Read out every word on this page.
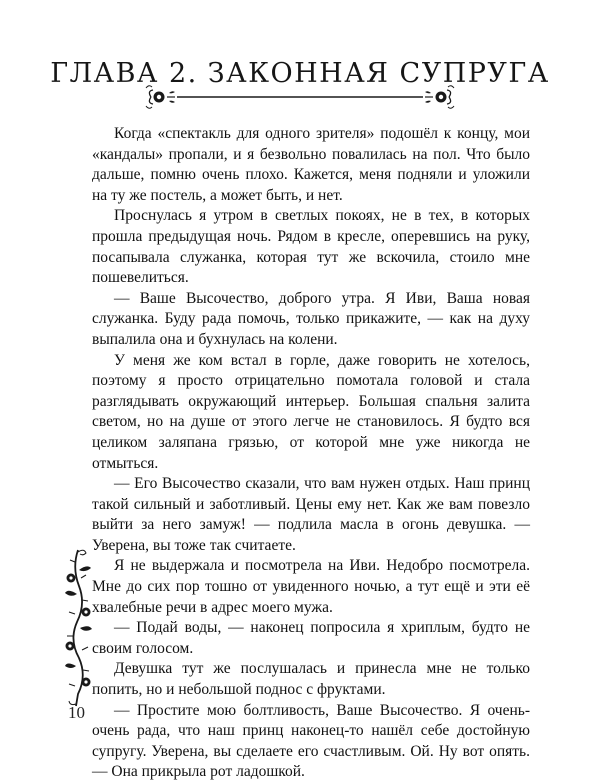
ГЛАВА 2. ЗАКОННАЯ СУПРУГА

Когда «спектакль для одного зрителя» подошёл к концу, мои «кандалы» пропали, и я безвольно повалилась на пол. Что было дальше, помню очень плохо. Кажется, меня подняли и уложили на ту же постель, а может быть, и нет.

Проснулась я утром в светлых покоях, не в тех, в которых прошла предыдущая ночь. Рядом в кресле, оперевшись на руку, посапывала служанка, которая тут же вскочила, стоило мне пошевелиться.

— Ваше Высочество, доброго утра. Я Иви, Ваша новая служанка. Буду рада помочь, только прикажите, — как на духу выпалила она и бухнулась на колени.

У меня же ком встал в горле, даже говорить не хотелось, поэтому я просто отрицательно помотала головой и стала разглядывать окружающий интерьер. Большая спальня залита светом, но на душе от этого легче не становилось. Я будто вся целиком заляпана грязью, от которой мне уже никогда не отмыться.

— Его Высочество сказали, что вам нужен отдых. Наш принц такой сильный и заботливый. Цены ему нет. Как же вам повезло выйти за него замуж! — подлила масла в огонь девушка. — Уверена, вы тоже так считаете.

Я не выдержала и посмотрела на Иви. Недобро посмотрела. Мне до сих пор тошно от увиденного ночью, а тут ещё и эти её хвалебные речи в адрес моего мужа.

— Подай воды, — наконец попросила я хриплым, будто не своим голосом.

Девушка тут же послушалась и принесла мне не только попить, но и небольшой поднос с фруктами.

— Простите мою болтливость, Ваше Высочество. Я очень-очень рада, что наш принц наконец-то нашёл себе достойную супругу. Уверена, вы сделаете его счастливым. Ой. Ну вот опять. — Она прикрыла рот ладошкой.

10
